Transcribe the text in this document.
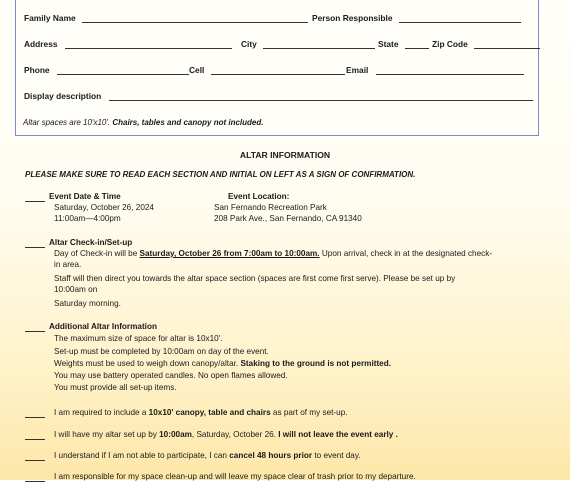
Family Name	Person Responsible
Address	City	State	Zip Code
Phone	Cell	Email
Display description
Altar spaces are 10'x10'. Chairs, tables and canopy not included.
ALTAR INFORMATION
PLEASE MAKE SURE TO READ EACH SECTION AND INITIAL ON LEFT AS A SIGN OF CONFIRMATION.
Event Date & Time
Saturday, October 26, 2024
11:00am—4:00pm
Event Location:
San Fernando Recreation Park
208 Park Ave., San Fernando, CA 91340
Altar Check-in/Set-up
Day of Check-in will be Saturday, October 26 from 7:00am to 10:00am. Upon arrival, check in at the designated check-
in area.
Staff will then direct you towards the altar space section (spaces are first come first serve). Please be set up by
10:00am on
Saturday morning.
Additional Altar Information
The maximum size of space for altar is 10x10'.
Set-up must be completed by 10:00am on day of the event.
Weights must be used to weigh down canopy/altar. Staking to the ground is not permitted.
You may use battery operated candles. No open flames allowed.
You must provide all set-up items.
I am required to include a 10x10' canopy, table and chairs as part of my set-up.
I will have my altar set up by 10:00am, Saturday, October 26. I will not leave the event early .
I understand if I am not able to participate, I can cancel 48 hours prior to event day.
I am responsible for my space clean-up and will leave my space clear of trash prior to my departure.
